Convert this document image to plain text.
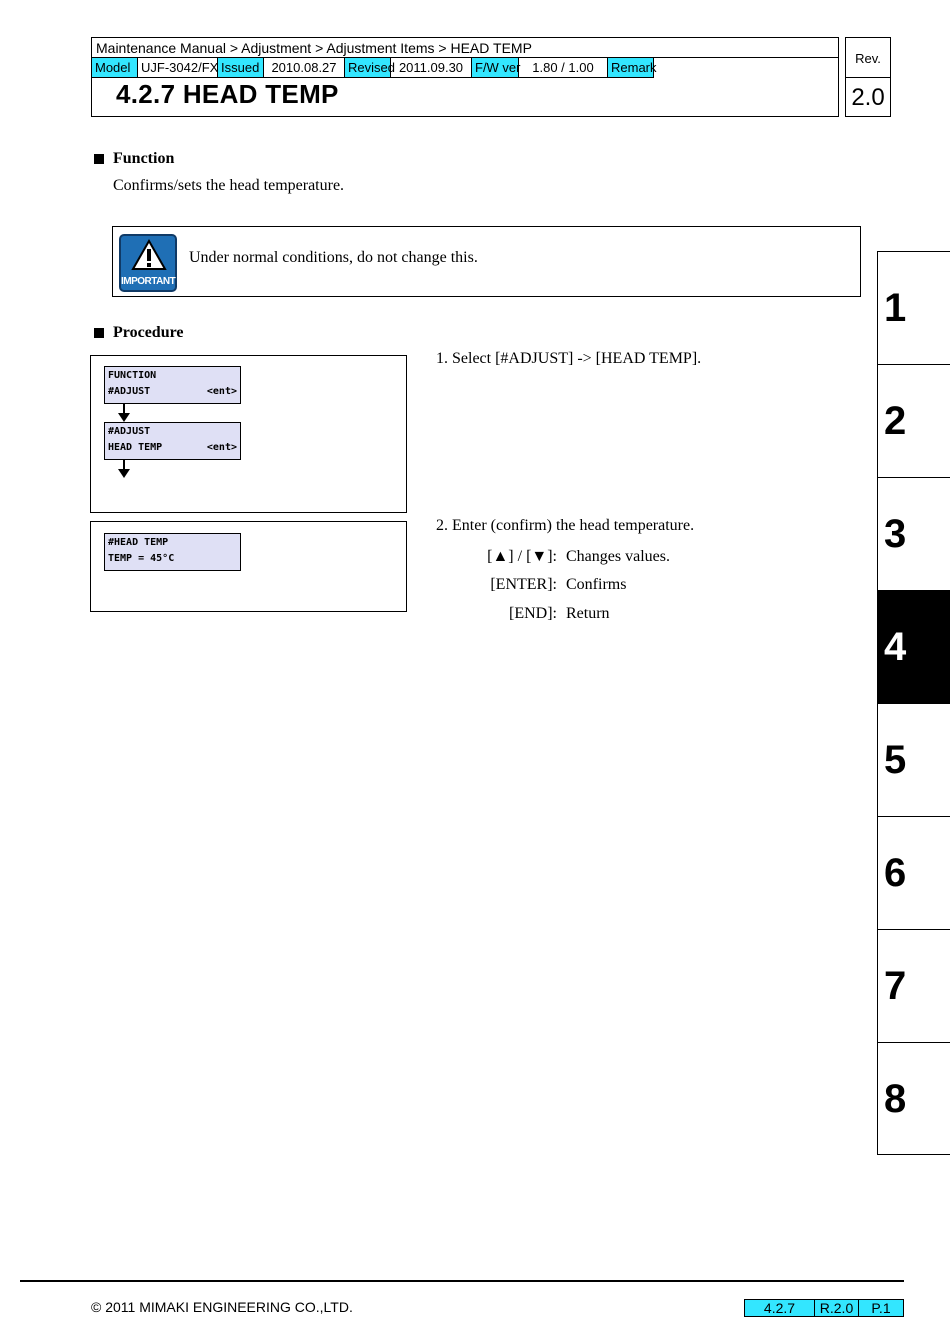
Maintenance Manual > Adjustment > Adjustment Items > HEAD TEMP
Model UJF-3042/FX Issued 2010.08.27 Revised 2011.09.30 F/W ver 1.80 / 1.00	Remark
4.2.7 HEAD TEMP
Rev.
2.0
Function
Confirms/sets the head temperature.
IMPORTANT
Under normal conditions, do not change this.
Procedure
FUNCTION
#ADJUST	<ent>
#ADJUST
HEAD TEMP	<ent>
#HEAD TEMP
TEMP = 45°C
1. Select [#ADJUST] -> [HEAD TEMP].
2. Enter (confirm) the head temperature.
[▲] / [▼]: Changes values.
[ENTER]: Confirms
[END]: Return
1
2
3
4
5
6
7
8
© 2011 MIMAKI ENGINEERING CO.,LTD.	4.2.7	R.2.0	P.1
